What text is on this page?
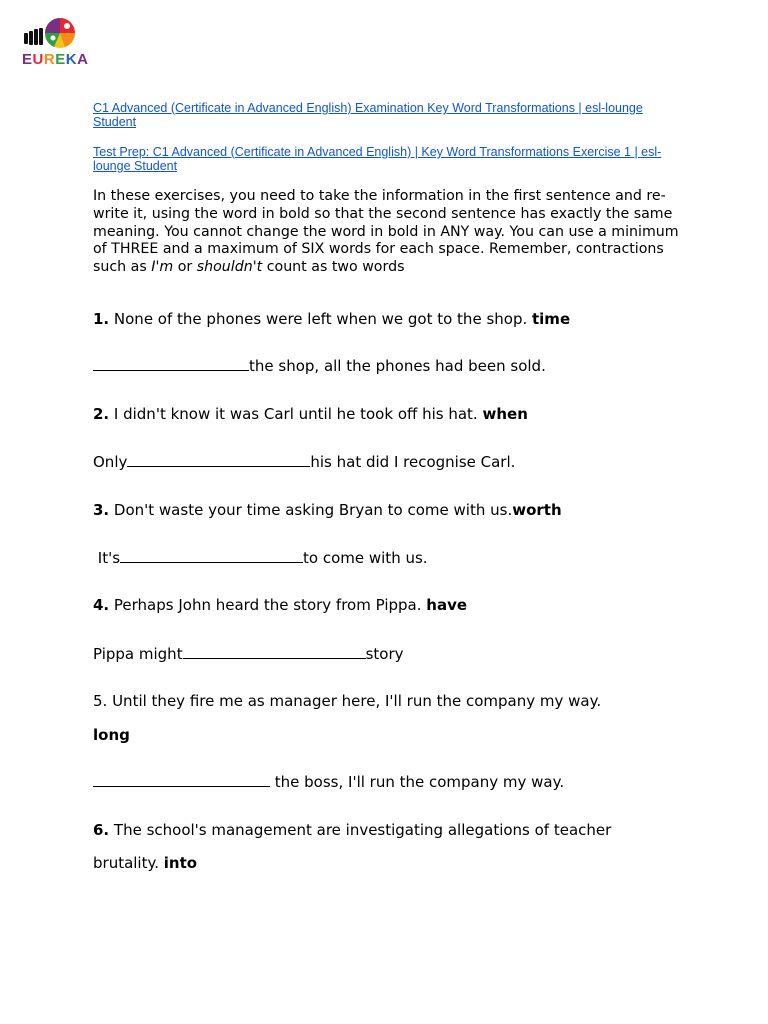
EUREKA
C1 Advanced (Certificate in Advanced English) Examination Key Word Transformations | esl-lounge Student
Test Prep: C1 Advanced (Certificate in Advanced English) | Key Word Transformations Exercise 1 | esl-lounge Student
In these exercises, you need to take the information in the first sentence and re-write it, using the word in bold so that the second sentence has exactly the same meaning. You cannot change the word in bold in ANY way. You can use a minimum of THREE and a maximum of SIX words for each space. Remember, contractions such as I'm or shouldn't count as two words
1. None of the phones were left when we got to the shop. time
the shop, all the phones had been sold.
2. I didn't know it was Carl until he took off his hat. when
Only	his hat did I recognise Carl.
3. Don't waste your time asking Bryan to come with us.worth
It's	to come with us.
4. Perhaps John heard the story from Pippa. have
Pippa might	story
5. Until they fire me as manager here, I'll run the company my way.
long
the boss, I'll run the company my way.
6. The school's management are investigating allegations of teacher
brutality. into
